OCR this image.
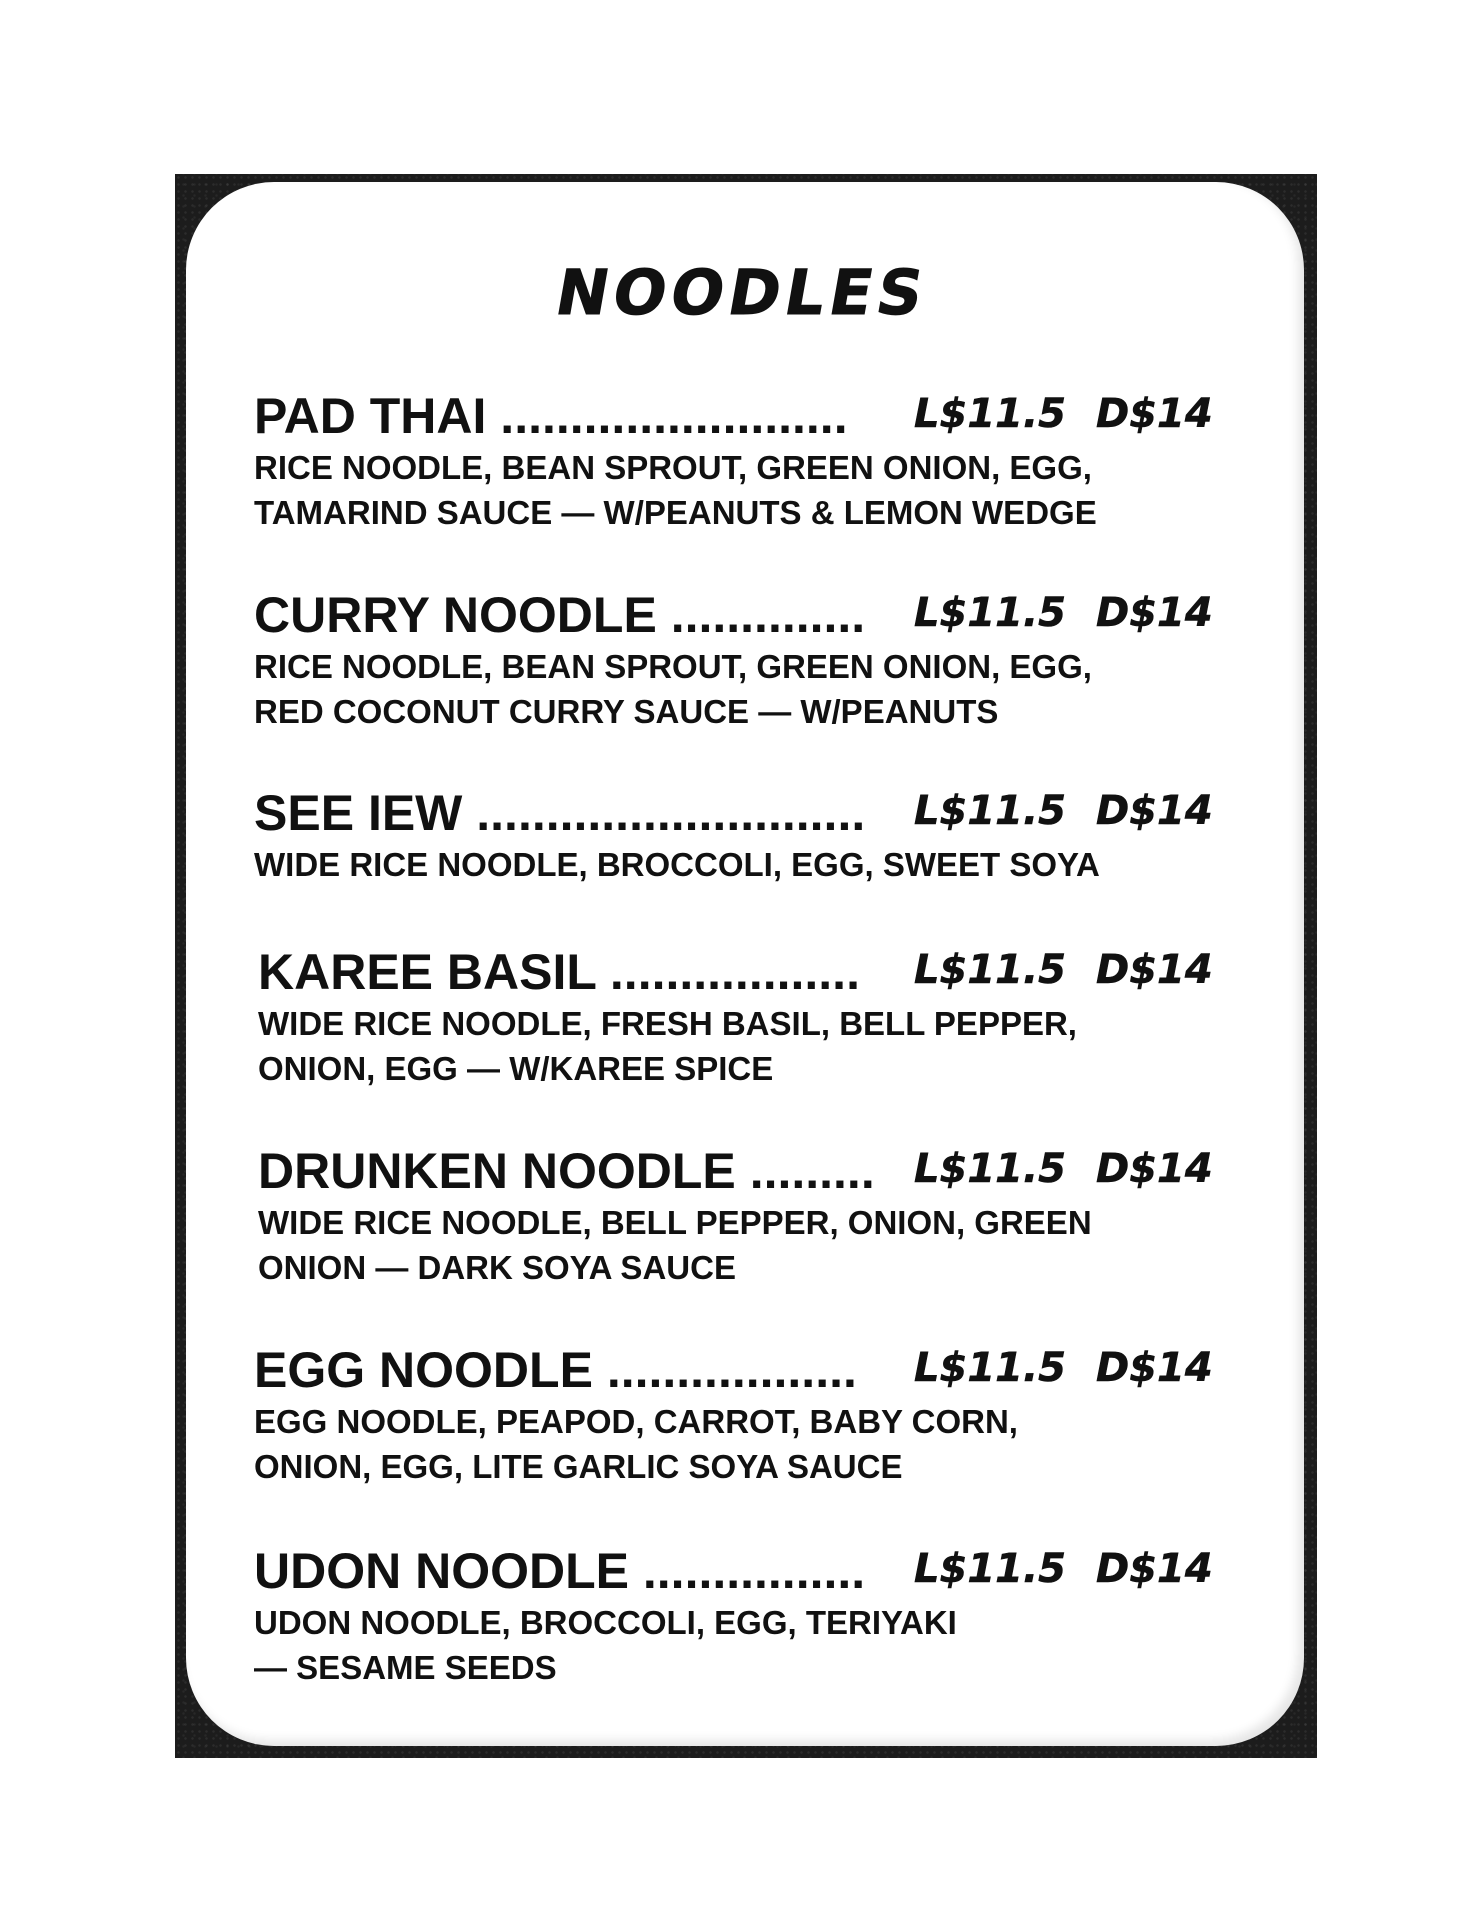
NOODLES
PAD THAI ......................... L$11.5 D$14
RICE NOODLE, BEAN SPROUT, GREEN ONION, EGG,
TAMARIND SAUCE — W/PEANUTS & LEMON WEDGE
CURRY NOODLE .............. L$11.5 D$14
RICE NOODLE, BEAN SPROUT, GREEN ONION, EGG,
RED COCONUT CURRY SAUCE — W/PEANUTS
SEE IEW ............................ L$11.5 D$14
WIDE RICE NOODLE, BROCCOLI, EGG, SWEET SOYA
KAREE BASIL .................. L$11.5 D$14
WIDE RICE NOODLE, FRESH BASIL, BELL PEPPER,
ONION, EGG — W/KAREE SPICE
DRUNKEN NOODLE ......... L$11.5 D$14
WIDE RICE NOODLE, BELL PEPPER, ONION, GREEN
ONION — DARK SOYA SAUCE
EGG NOODLE .................. L$11.5 D$14
EGG NOODLE, PEAPOD, CARROT, BABY CORN,
ONION, EGG, LITE GARLIC SOYA SAUCE
UDON NOODLE ................ L$11.5 D$14
UDON NOODLE, BROCCOLI, EGG, TERIYAKI
— SESAME SEEDS
